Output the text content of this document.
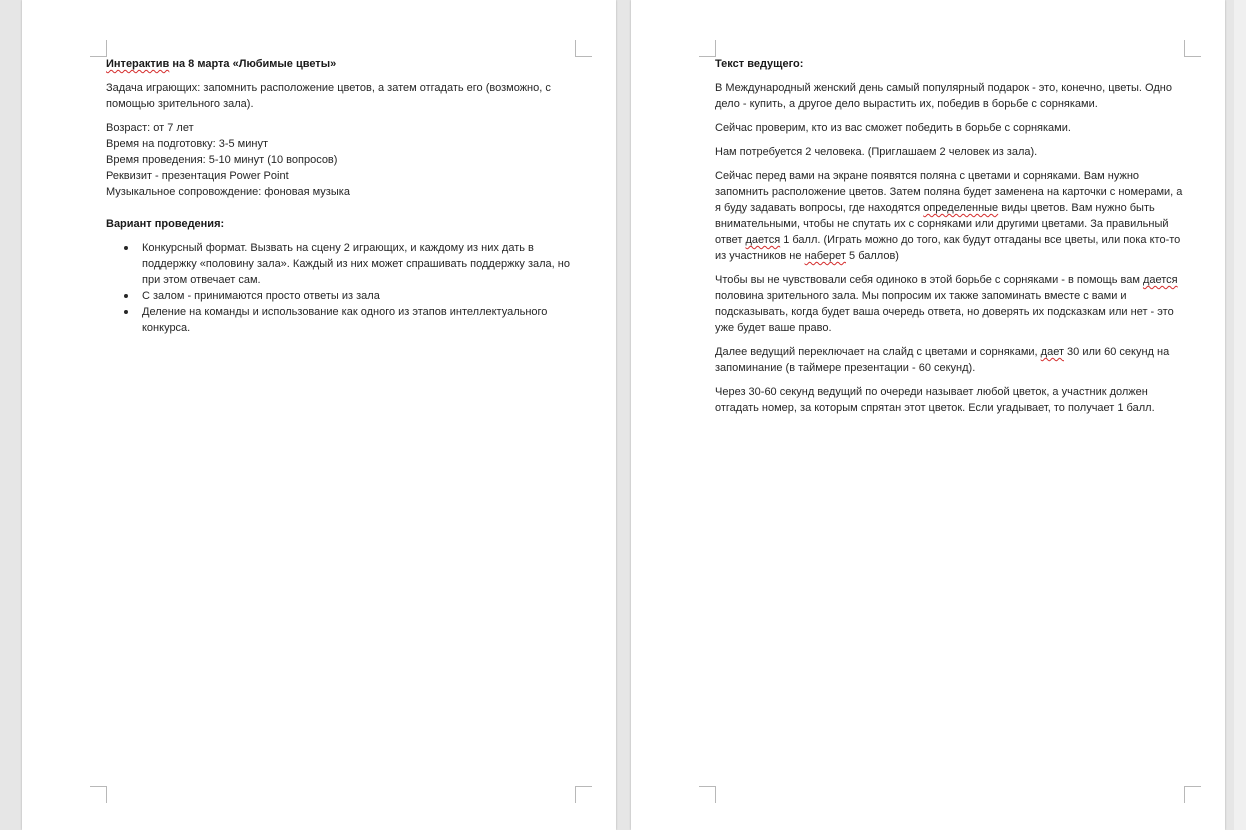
Интерактив на 8 марта «Любимые цветы»

Задача играющих: запомнить расположение цветов, а затем отгадать его (возможно, с помощью зрительного зала).

Возраст: от 7 лет

Время на подготовку: 3-5 минут

Время проведения: 5-10 минут (10 вопросов)

Реквизит - презентация Power Point

Музыкальное сопровождение: фоновая музыка

Вариант проведения:

Конкурсный формат. Вызвать на сцену 2 играющих, и каждому из них дать в поддержку «половину зала». Каждый из них может спрашивать поддержку зала, но при этом отвечает сам.
С залом - принимаются просто ответы из зала
Деление на команды и использование как одного из этапов интеллектуального конкурса.

Текст ведущего:

В Международный женский день самый популярный подарок - это, конечно, цветы. Одно дело - купить, а другое дело вырастить их, победив в борьбе с сорняками.

Сейчас проверим, кто из вас сможет победить в борьбе с сорняками.

Нам потребуется 2 человека. (Приглашаем 2 человек из зала).

Сейчас перед вами на экране появятся поляна с цветами и сорняками. Вам нужно запомнить расположение цветов. Затем поляна будет заменена на карточки с номерами, а я буду задавать вопросы, где находятся определенные виды цветов. Вам нужно быть внимательными, чтобы не спутать их с сорняками или другими цветами. За правильный ответ дается 1 балл. (Играть можно до того, как будут отгаданы все цветы, или пока кто-то из участников не наберет 5 баллов)

Чтобы вы не чувствовали себя одиноко в этой борьбе с сорняками - в помощь вам дается половина зрительного зала. Мы попросим их также запоминать вместе с вами и подсказывать, когда будет ваша очередь ответа, но доверять их подсказкам или нет - это уже будет ваше право.

Далее ведущий переключает на слайд с цветами и сорняками, дает 30 или 60 секунд на запоминание (в таймере презентации - 60 секунд).

Через 30-60 секунд ведущий по очереди называет любой цветок, а участник должен отгадать номер, за которым спрятан этот цветок. Если угадывает, то получает 1 балл.
